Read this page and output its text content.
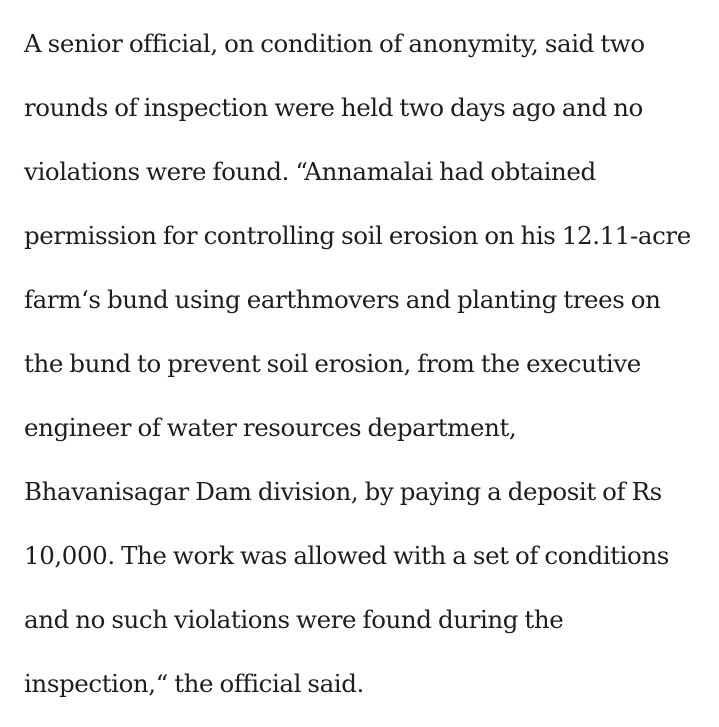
A senior official, on condition of anonymity, said two
rounds of inspection were held two days ago and no
violations were found. “Annamalai had obtained
permission for controlling soil erosion on his 12.11-acre
farm‘s bund using earthmovers and planting trees on
the bund to prevent soil erosion, from the executive
engineer of water resources department,
Bhavanisagar Dam division, by paying a deposit of Rs
10,000. The work was allowed with a set of conditions
and no such violations were found during the
inspection,“ the official said.
